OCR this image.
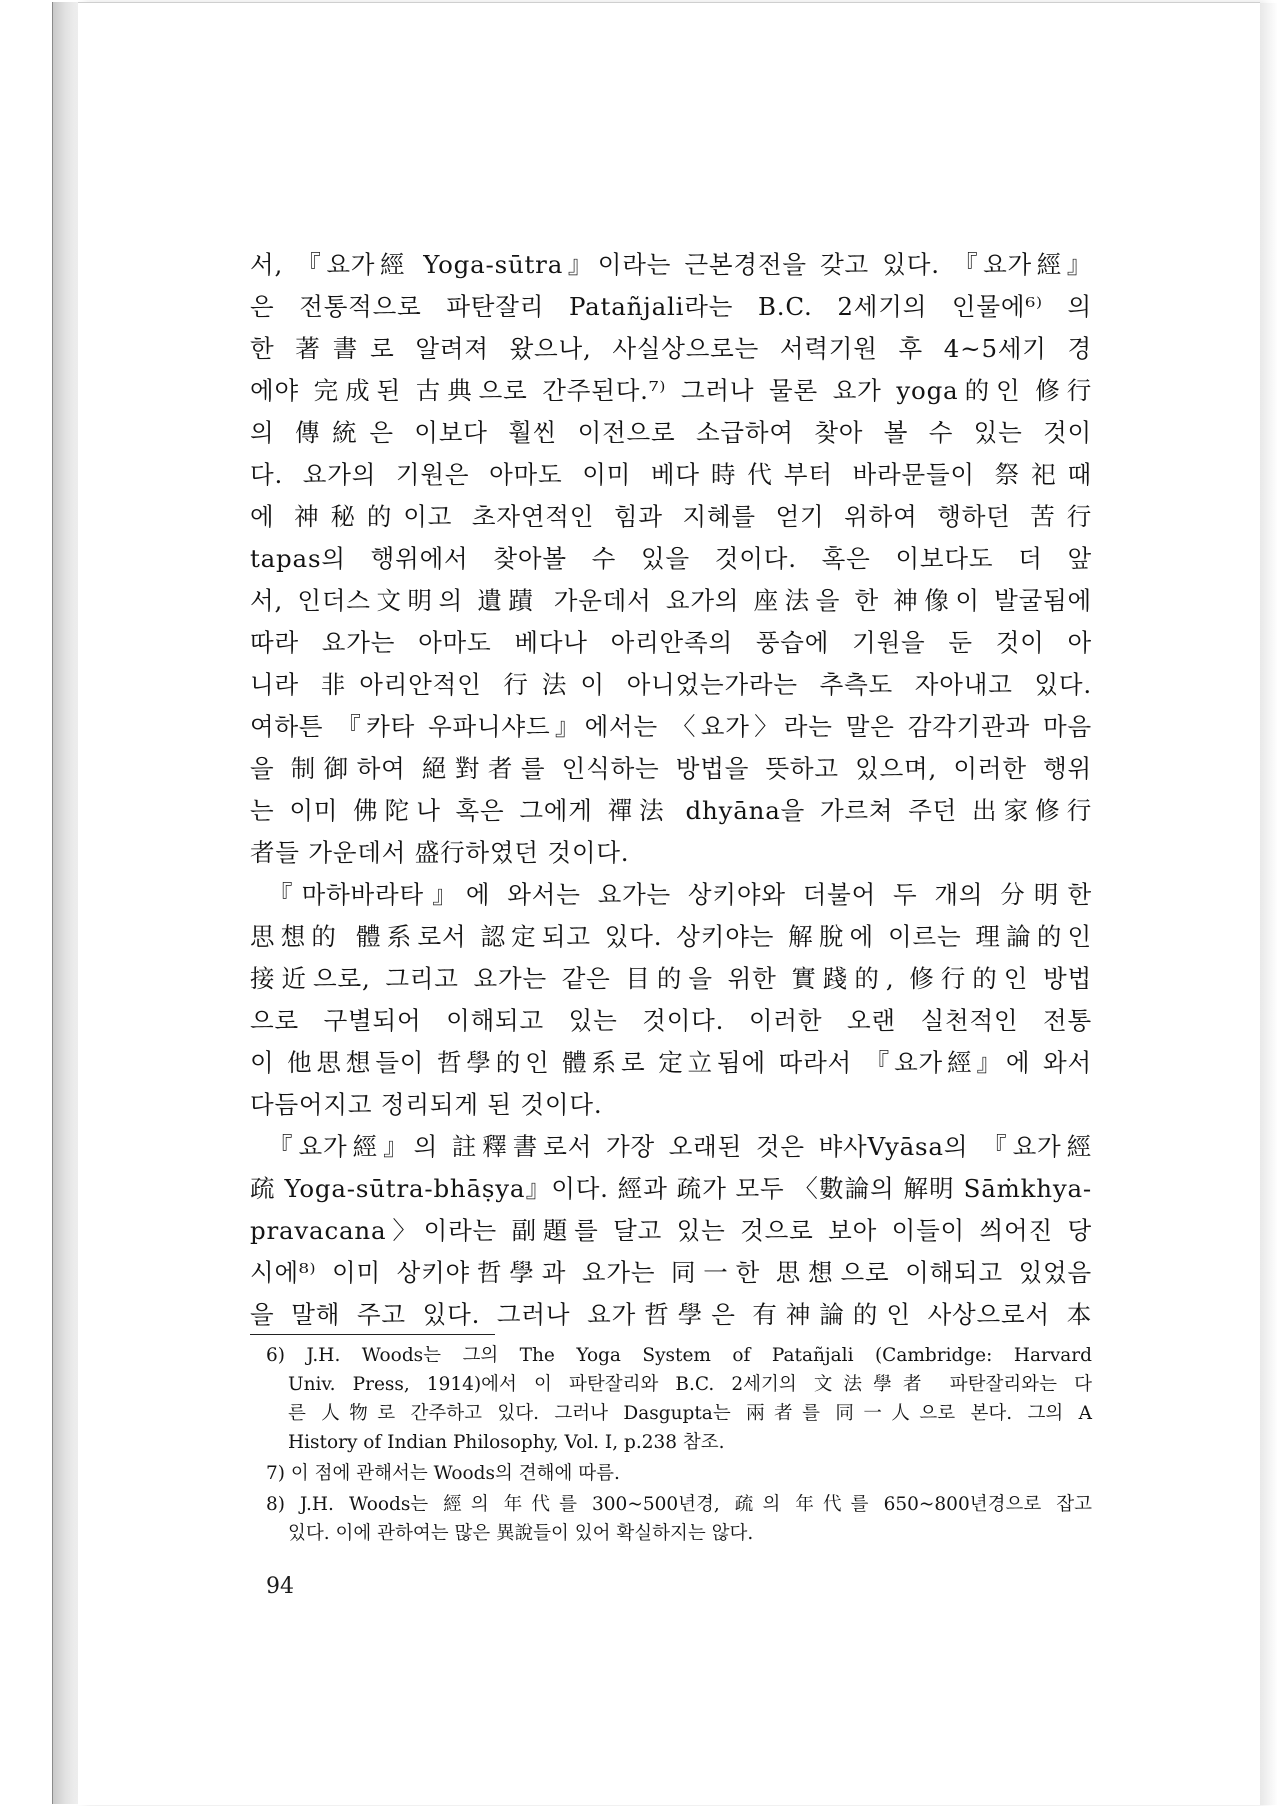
서, 『요가經 Yoga-sūtra』이라는 근본경전을 갖고 있다. 『요가經』
은 전통적으로 파탄잘리 Patañjali라는 B.C. 2세기의 인물에⁶⁾ 의
한 著書로 알려져 왔으나, 사실상으로는 서력기원 후 4~5세기 경
에야 完成된 古典으로 간주된다.⁷⁾ 그러나 물론 요가 yoga的인 修行
의 傳統은 이보다 훨씬 이전으로 소급하여 찾아 볼 수 있는 것이
다. 요가의 기원은 아마도 이미 베다時代부터 바라문들이 祭祀때
에 神秘的이고 초자연적인 힘과 지혜를 얻기 위하여 행하던 苦行
tapas의 행위에서 찾아볼 수 있을 것이다. 혹은 이보다도 더 앞
서, 인더스文明의 遺蹟 가운데서 요가의 座法을 한 神像이 발굴됨에
따라 요가는 아마도 베다나 아리안족의 풍습에 기원을 둔 것이 아
니라 非아리안적인 行法이 아니었는가라는 추측도 자아내고 있다.
여하튼 『카타 우파니샤드』에서는 〈요가〉라는 말은 감각기관과 마음
을 制御하여 絕對者를 인식하는 방법을 뜻하고 있으며, 이러한 행위
는 이미 佛陀나 혹은 그에게 禪法 dhyāna을 가르쳐 주던 出家修行
者들 가운데서 盛行하였던 것이다.
『마하바라타』에 와서는 요가는 상키야와 더불어 두 개의 分明한
思想的 體系로서 認定되고 있다. 상키야는 解脫에 이르는 理論的인
接近으로, 그리고 요가는 같은 目的을 위한 實踐的, 修行的인 방법
으로 구별되어 이해되고 있는 것이다. 이러한 오랜 실천적인 전통
이 他思想들이 哲學的인 體系로 定立됨에 따라서 『요가經』에 와서
다듬어지고 정리되게 된 것이다.
『요가經』의 註釋書로서 가장 오래된 것은 뱌사Vyāsa의 『요가經
疏 Yoga-sūtra-bhāṣya』이다. 經과 疏가 모두 〈數論의 解明 Sāṁkhya-
pravacana〉이라는 副題를 달고 있는 것으로 보아 이들이 씌어진 당
시에⁸⁾ 이미 상키야哲學과 요가는 同一한 思想으로 이해되고 있었음
을 말해 주고 있다. 그러나 요가哲學은 有神論的인 사상으로서 本
6) J.H. Woods는 그의 The Yoga System of Patañjali (Cambridge: Harvard
Univ. Press, 1914)에서 이 파탄잘리와 B.C. 2세기의 文法學者 파탄잘리와는 다
른 人物로 간주하고 있다. 그러나 Dasgupta는 兩者를 同一人으로 본다. 그의 A
History of Indian Philosophy, Vol. I, p.238 참조.
7) 이 점에 관해서는 Woods의 견해에 따름.
8) J.H. Woods는 經의 年代를 300~500년경, 疏의 年代를 650~800년경으로 잡고
있다. 이에 관하여는 많은 異說들이 있어 확실하지는 않다.
94
